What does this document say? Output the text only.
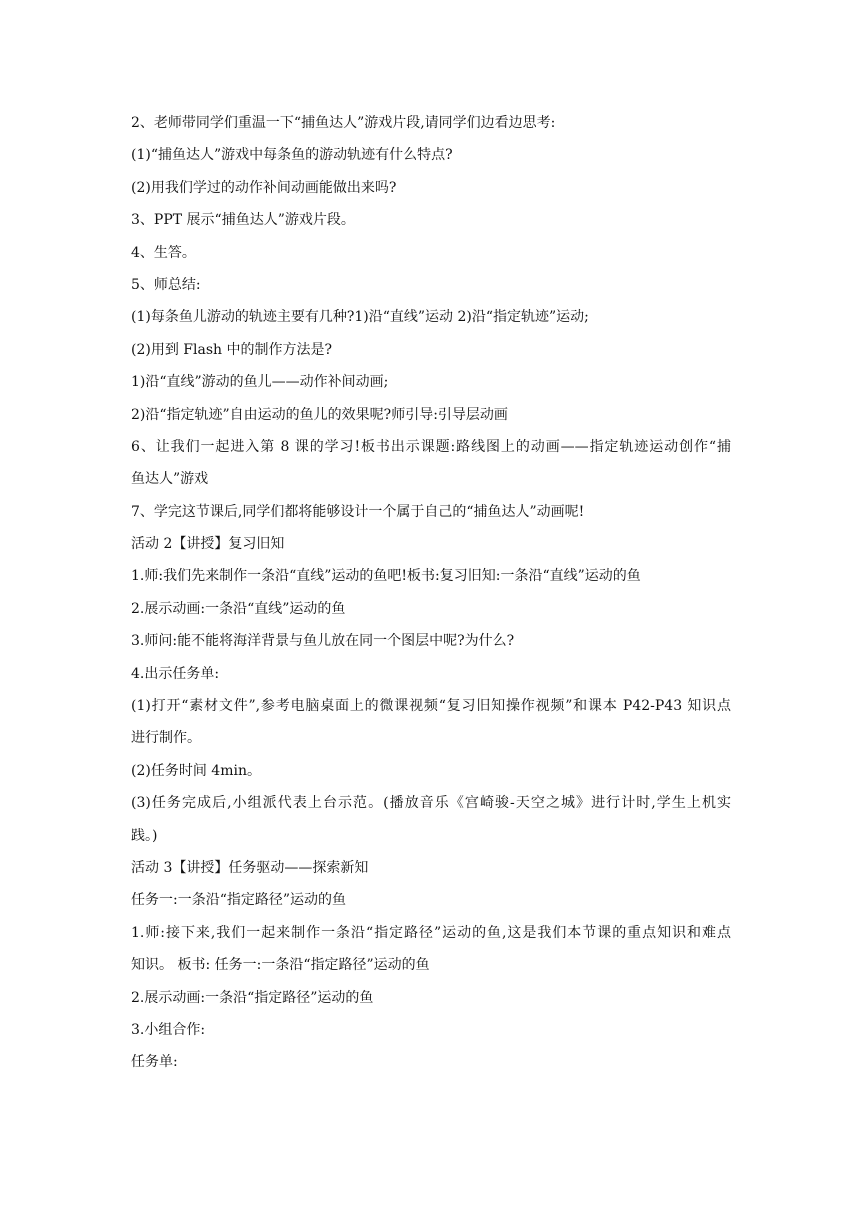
2、老师带同学们重温一下“捕鱼达人”游戏片段,请同学们边看边思考:
(1)“捕鱼达人”游戏中每条鱼的游动轨迹有什么特点?
(2)用我们学过的动作补间动画能做出来吗?
3、PPT 展示“捕鱼达人”游戏片段。
4、生答。
5、师总结:
(1)每条鱼儿游动的轨迹主要有几种?1)沿“直线”运动 2)沿“指定轨迹”运动;
(2)用到 Flash 中的制作方法是?
1)沿“直线”游动的鱼儿——动作补间动画;
2)沿“指定轨迹”自由运动的鱼儿的效果呢?师引导:引导层动画
6、让我们一起进入第 8 课的学习!板书出示课题:路线图上的动画——指定轨迹运动创作“捕
鱼达人”游戏
7、学完这节课后,同学们都将能够设计一个属于自己的“捕鱼达人”动画呢!
活动 2【讲授】复习旧知
1.师:我们先来制作一条沿“直线”运动的鱼吧!板书:复习旧知:一条沿“直线”运动的鱼
2.展示动画:一条沿“直线”运动的鱼
3.师问:能不能将海洋背景与鱼儿放在同一个图层中呢?为什么?
4.出示任务单:
(1)打开“素材文件”,参考电脑桌面上的微课视频“复习旧知操作视频”和课本 P42-P43 知识点
进行制作。
(2)任务时间 4min。
(3)任务完成后,小组派代表上台示范。(播放音乐《宫崎骏-天空之城》进行计时,学生上机实
践。)
活动 3【讲授】任务驱动——探索新知
任务一:一条沿“指定路径”运动的鱼
1.师:接下来,我们一起来制作一条沿“指定路径”运动的鱼,这是我们本节课的重点知识和难点
知识。 板书: 任务一:一条沿“指定路径”运动的鱼
2.展示动画:一条沿“指定路径”运动的鱼
3.小组合作:
任务单:
